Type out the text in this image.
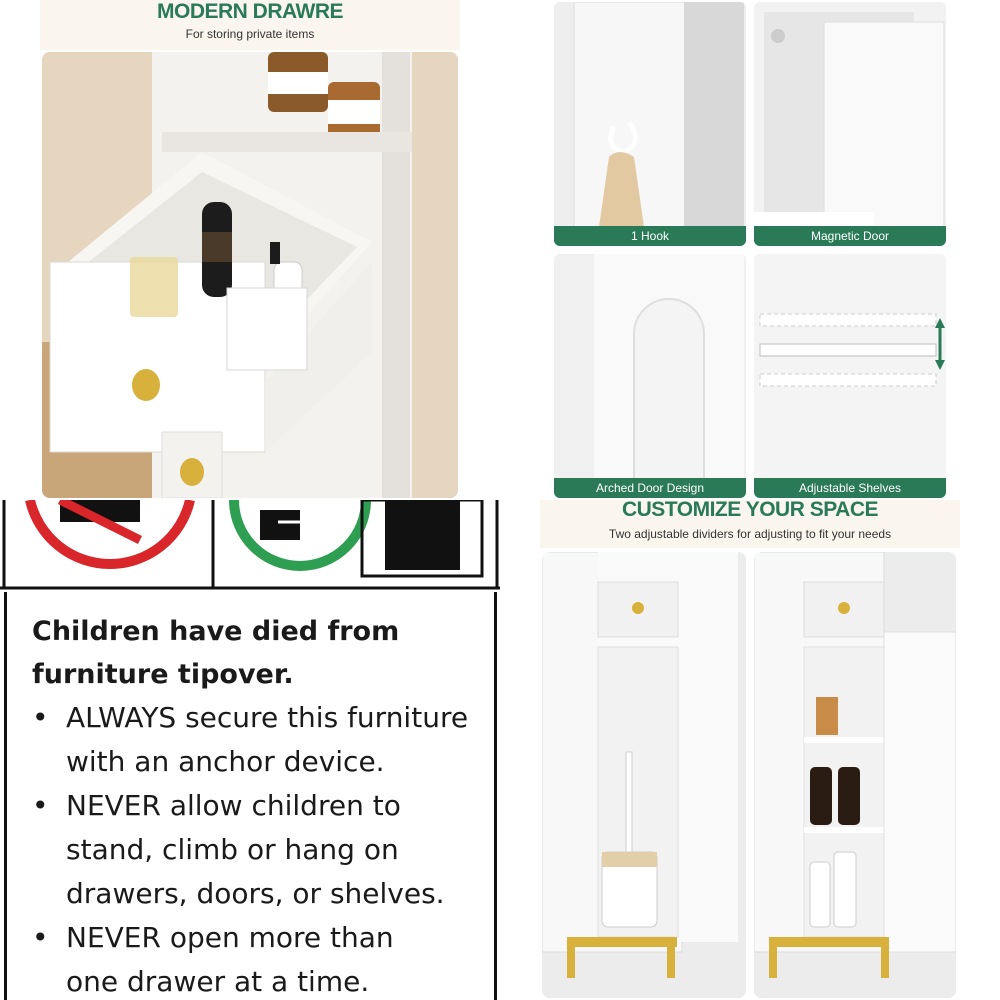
MODERN DRAWRE
For storing private items
1 Hook	Magnetic Door
Arched Door Design	Adjustable Shelves
Children have died from
furniture tipover.
• ALWAYS secure this furniture
with an anchor device.
• NEVER allow children to
stand, climb or hang on
drawers, doors, or shelves.
• NEVER open more than
one drawer at a time.
CUSTOMIZE YOUR SPACE
Two adjustable dividers for adjusting to fit your needs
